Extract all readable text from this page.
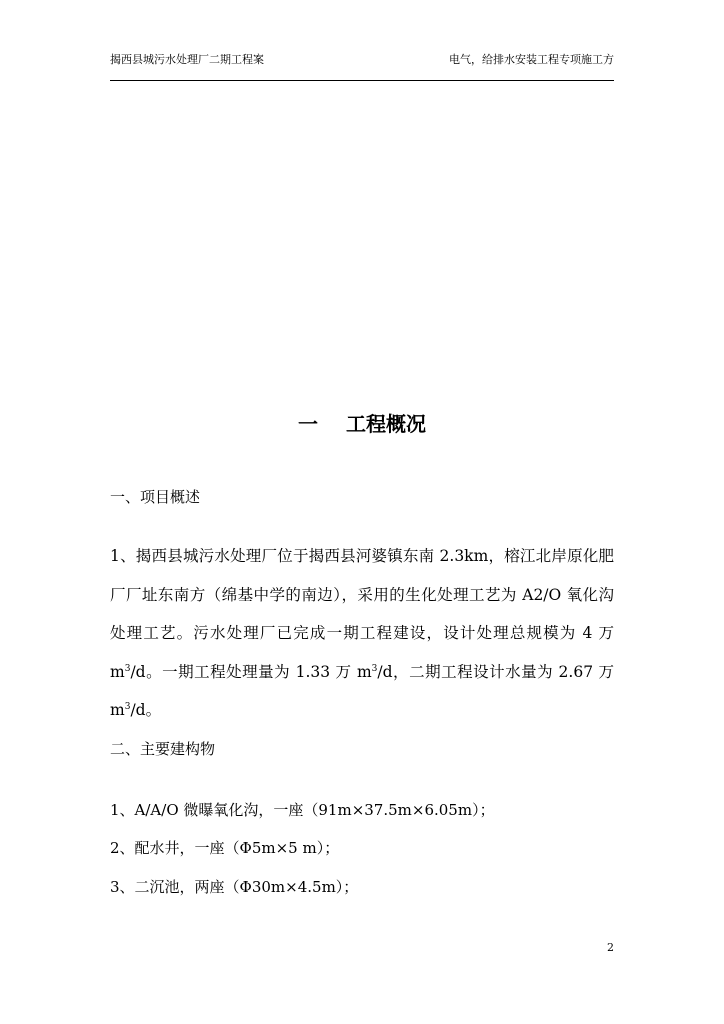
揭西县城污水处理厂二期工程案	电气，给排水安装工程专项施工方
一 工程概况
一、项目概述
1、揭西县城污水处理厂位于揭西县河婆镇东南 2.3km，榕江北岸原化肥厂厂址东南方（绵基中学的南边），采用的生化处理工艺为 A2/O 氧化沟处理工艺。污水处理厂已完成一期工程建设，设计处理总规模为 4 万 $m^3/d$。一期工程处理量为 1.33 万 $m^3/d$，二期工程设计水量为 2.67 万 $m^3/d$。
二、主要建构物
1、A/A/O 微曝氧化沟，一座（91m×37.5m×6.05m）；
2、配水井，一座（Φ5m×5 m）；
3、二沉池，两座（Φ30m×4.5m）；
2
